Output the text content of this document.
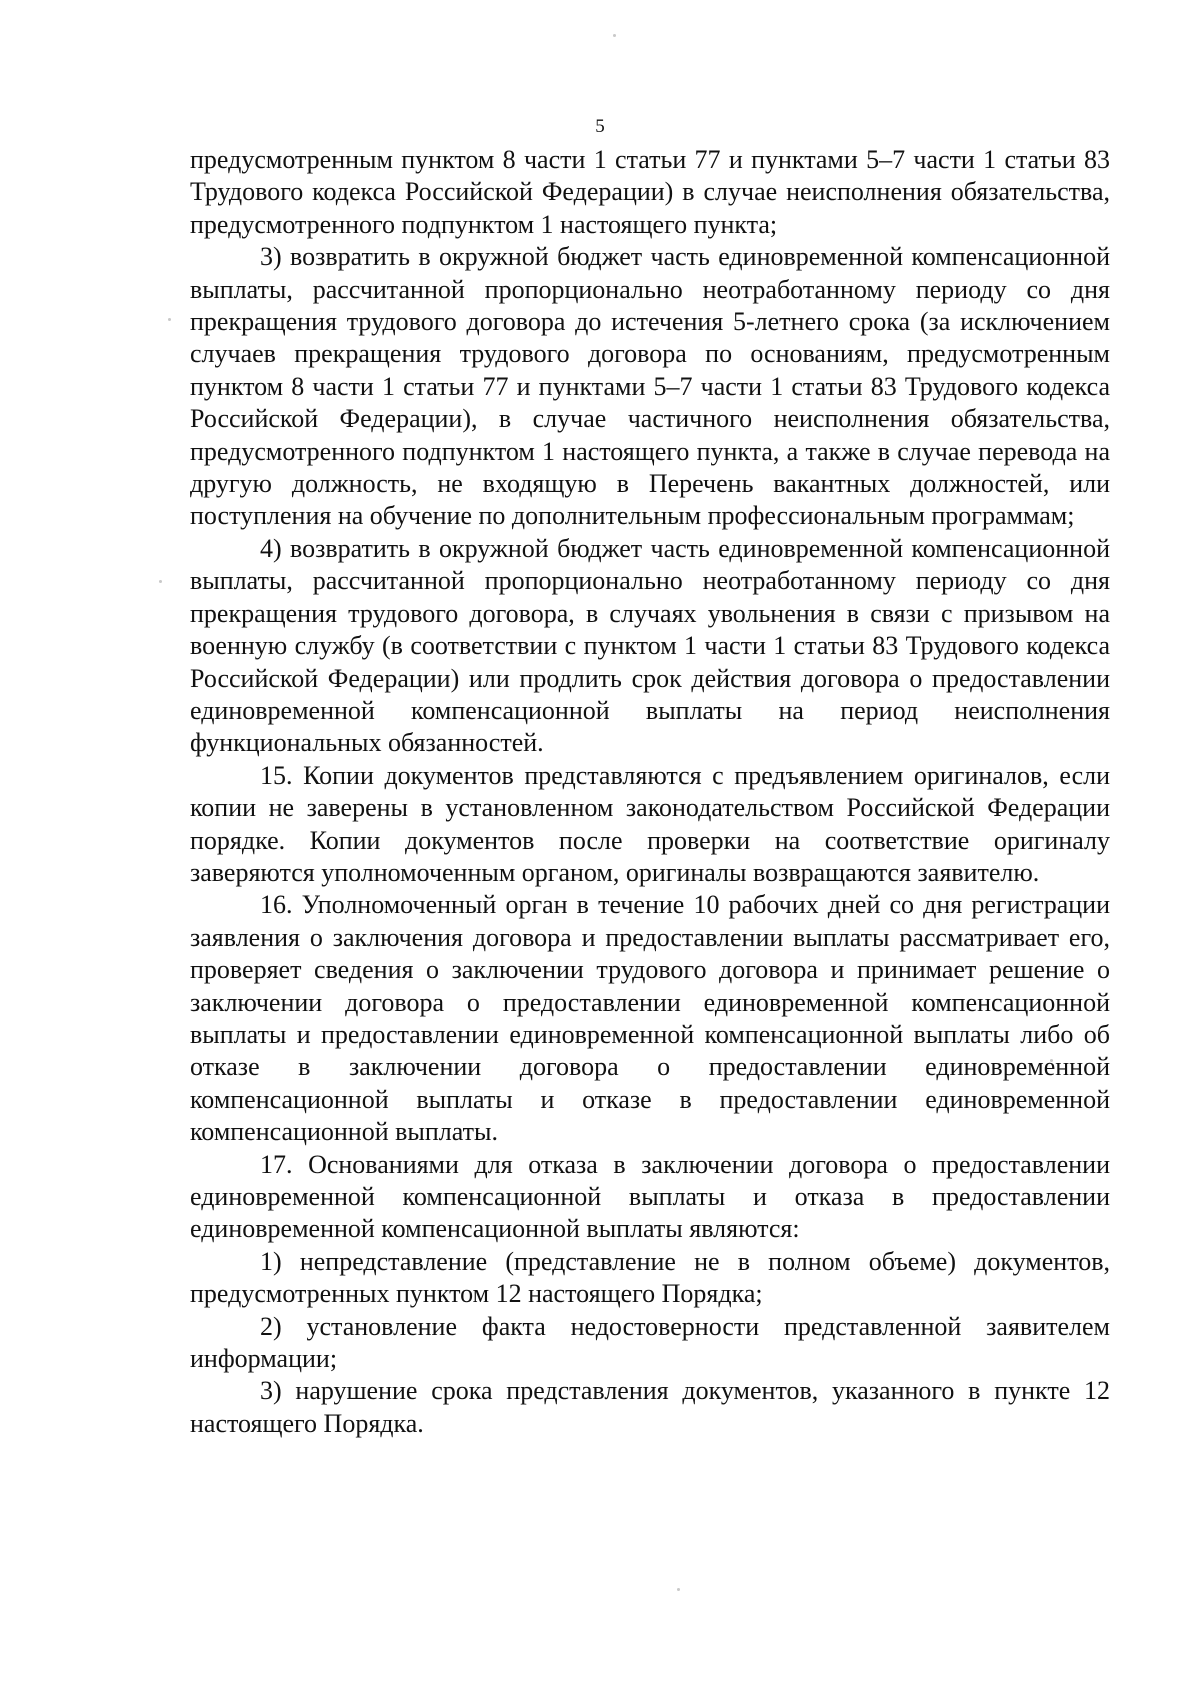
5

предусмотренным пунктом 8 части 1 статьи 77 и пунктами 5–7 части 1 статьи 83 Трудового кодекса Российской Федерации) в случае неисполнения обязательства, предусмотренного подпунктом 1 настоящего пункта;

3) возвратить в окружной бюджет часть единовременной компенсационной выплаты, рассчитанной пропорционально неотработанному периоду со дня прекращения трудового договора до истечения 5-летнего срока (за исключением случаев прекращения трудового договора по основаниям, предусмотренным пунктом 8 части 1 статьи 77 и пунктами 5–7 части 1 статьи 83 Трудового кодекса Российской Федерации), в случае частичного неисполнения обязательства, предусмотренного подпунктом 1 настоящего пункта, а также в случае перевода на другую должность, не входящую в Перечень вакантных должностей, или поступления на обучение по дополнительным профессиональным программам;

4) возвратить в окружной бюджет часть единовременной компенсационной выплаты, рассчитанной пропорционально неотработанному периоду со дня прекращения трудового договора, в случаях увольнения в связи с призывом на военную службу (в соответствии с пунктом 1 части 1 статьи 83 Трудового кодекса Российской Федерации) или продлить срок действия договора о предоставлении единовременной компенсационной выплаты на период неисполнения функциональных обязанностей.

15. Копии документов представляются с предъявлением оригиналов, если копии не заверены в установленном законодательством Российской Федерации порядке. Копии документов после проверки на соответствие оригиналу заверяются уполномоченным органом, оригиналы возвращаются заявителю.

16. Уполномоченный орган в течение 10 рабочих дней со дня регистрации заявления о заключения договора и предоставлении выплаты рассматривает его, проверяет сведения о заключении трудового договора и принимает решение о заключении договора о предоставлении единовременной компенсационной выплаты и предоставлении единовременной компенсационной выплаты либо об отказе в заключении договора о предоставлении единовременной компенсационной выплаты и отказе в предоставлении единовременной компенсационной выплаты.

17. Основаниями для отказа в заключении договора о предоставлении единовременной компенсационной выплаты и отказа в предоставлении единовременной компенсационной выплаты являются:

1) непредставление (представление не в полном объеме) документов, предусмотренных пунктом 12 настоящего Порядка;

2) установление факта недостоверности представленной заявителем информации;

3) нарушение срока представления документов, указанного в пункте 12 настоящего Порядка.
